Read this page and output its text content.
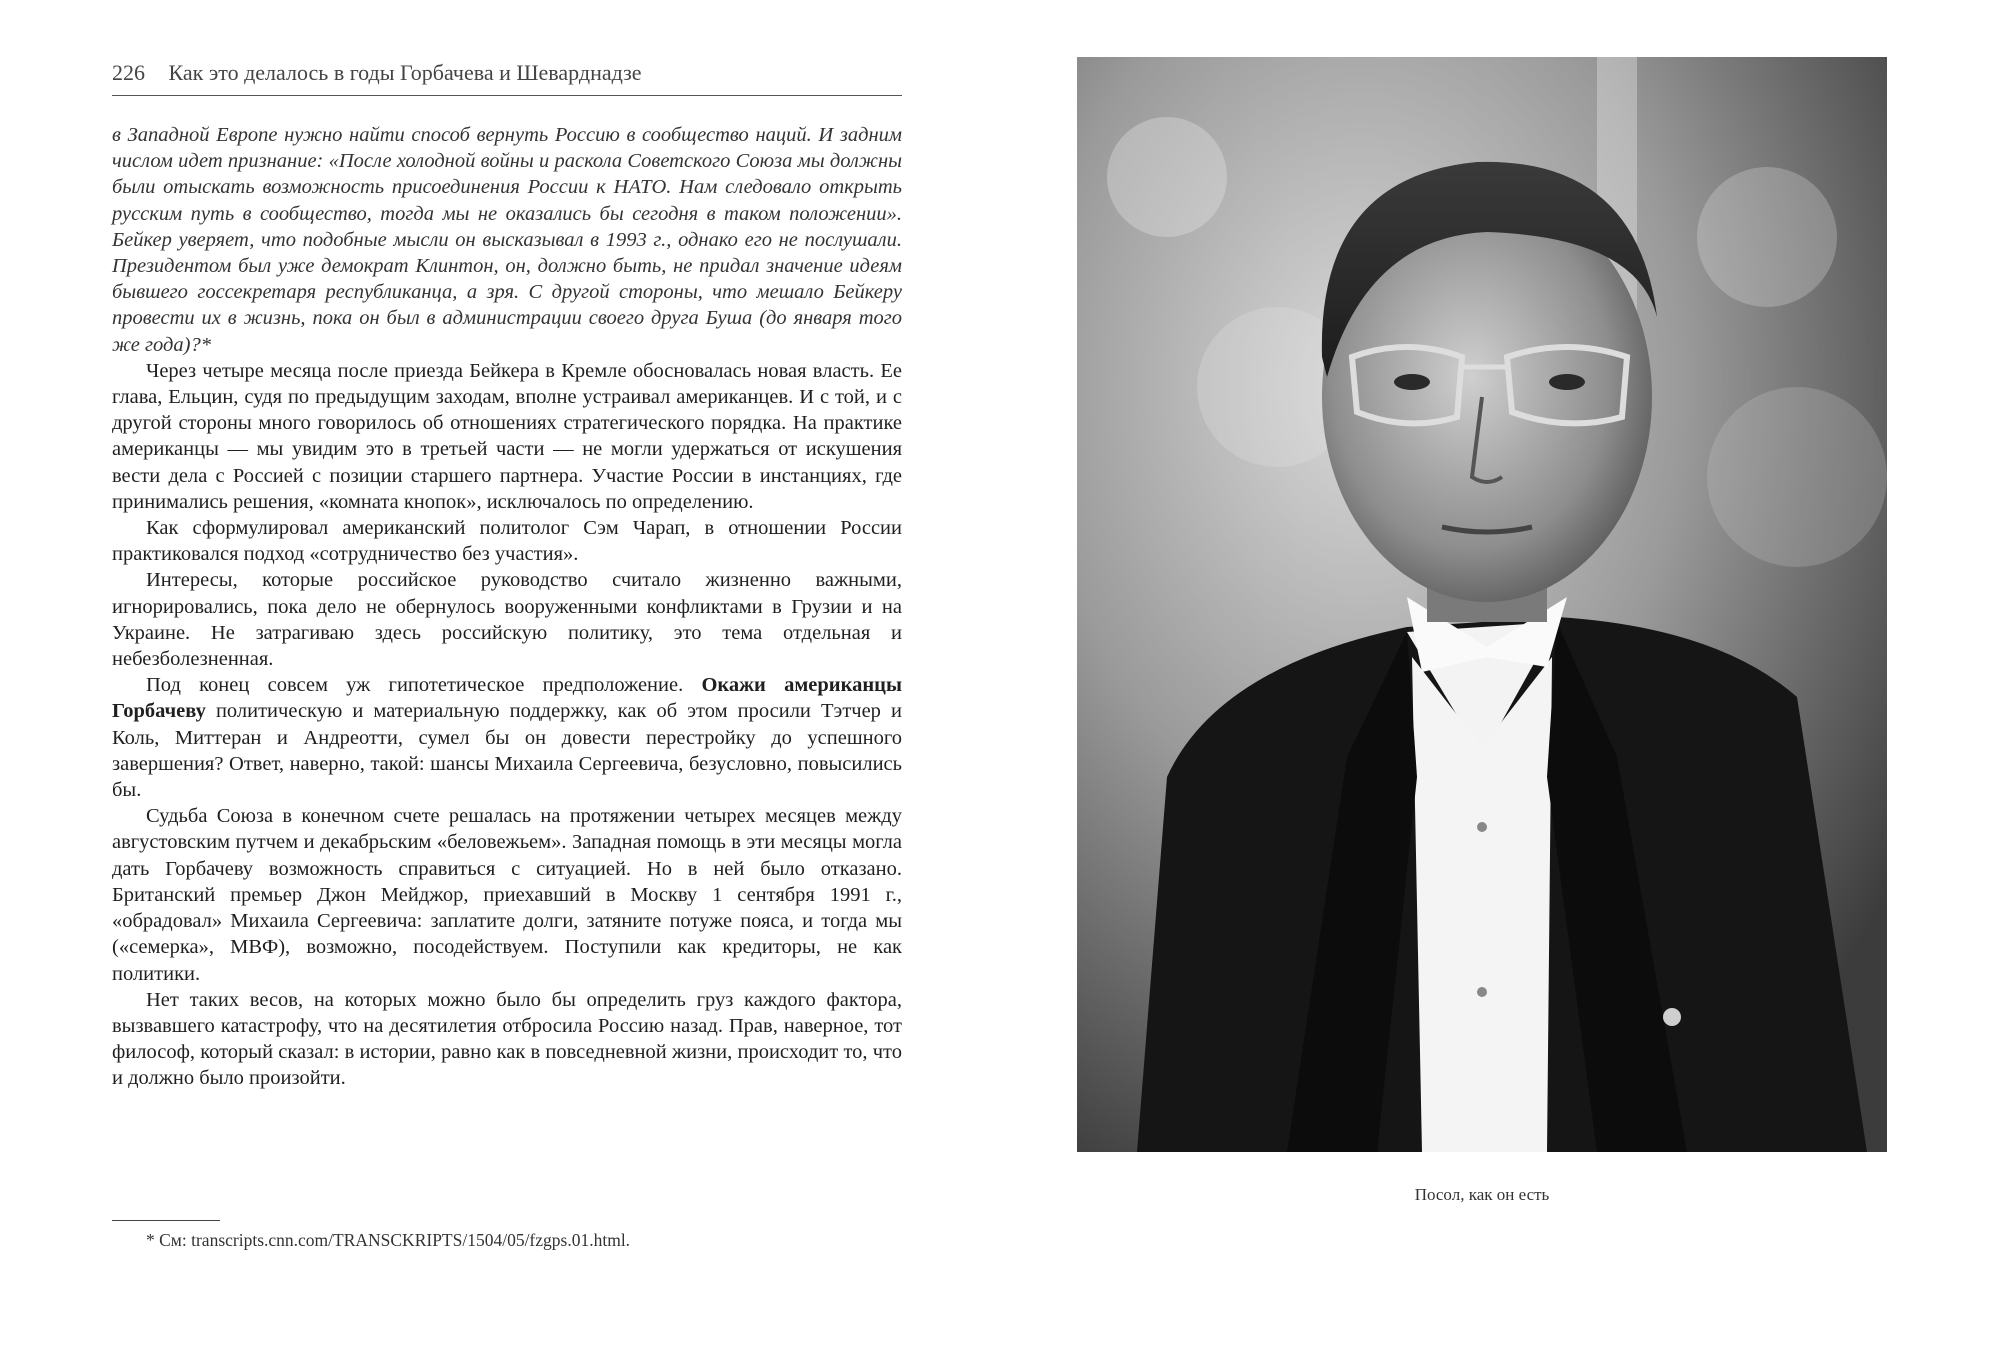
226 Как это делалось в годы Горбачева и Шеварднадзе

в Западной Европе нужно найти способ вернуть Россию в сообщество наций. И задним числом идет признание: «После холодной войны и раскола Советского Союза мы должны были отыскать возможность присоединения России к НАТО. Нам следовало открыть русским путь в сообщество, тогда мы не оказались бы сегодня в таком положении». Бейкер уверяет, что подобные мысли он высказывал в 1993 г., однако его не послушали. Президентом был уже демократ Клинтон, он, должно быть, не придал значение идеям бывшего госсекретаря республиканца, а зря. С другой стороны, что мешало Бейкеру провести их в жизнь, пока он был в администрации своего друга Буша (до января того же года)?*

Через четыре месяца после приезда Бейкера в Кремле обосновалась новая власть. Ее глава, Ельцин, судя по предыдущим заходам, вполне устраивал американцев. И с той, и с другой стороны много говорилось об отношениях стратегического порядка. На практике американцы — мы увидим это в третьей части — не могли удержаться от искушения вести дела с Россией с позиции старшего партнера. Участие России в инстанциях, где принимались решения, «комната кнопок», исключалось по определению.

Как сформулировал американский политолог Сэм Чарап, в отношении России практиковался подход «сотрудничество без участия».

Интересы, которые российское руководство считало жизненно важными, игнорировались, пока дело не обернулось вооруженными конфликтами в Грузии и на Украине. Не затрагиваю здесь российскую политику, это тема отдельная и небезболезненная.

Под конец совсем уж гипотетическое предположение. Окажи американцы Горбачеву политическую и материальную поддержку, как об этом просили Тэтчер и Коль, Миттеран и Андреотти, сумел бы он довести перестройку до успешного завершения? Ответ, наверно, такой: шансы Михаила Сергеевича, безусловно, повысились бы.

Судьба Союза в конечном счете решалась на протяжении четырех месяцев между августовским путчем и декабрьским «беловежьем». Западная помощь в эти месяцы могла дать Горбачеву возможность справиться с ситуацией. Но в ней было отказано. Британский премьер Джон Мейджор, приехавший в Москву 1 сентября 1991 г., «обрадовал» Михаила Сергеевича: заплатите долги, затяните потуже пояса, и тогда мы («семерка», МВФ), возможно, посодействуем. Поступили как кредиторы, не как политики.

Нет таких весов, на которых можно было бы определить груз каждого фактора, вызвавшего катастрофу, что на десятилетия отбросила Россию назад. Прав, наверное, тот философ, который сказал: в истории, равно как в повседневной жизни, происходит то, что и должно было произойти.

* См: transcripts.cnn.com/TRANSCKRIPTS/1504/05/fzgps.01.html.
Посол, как он есть
